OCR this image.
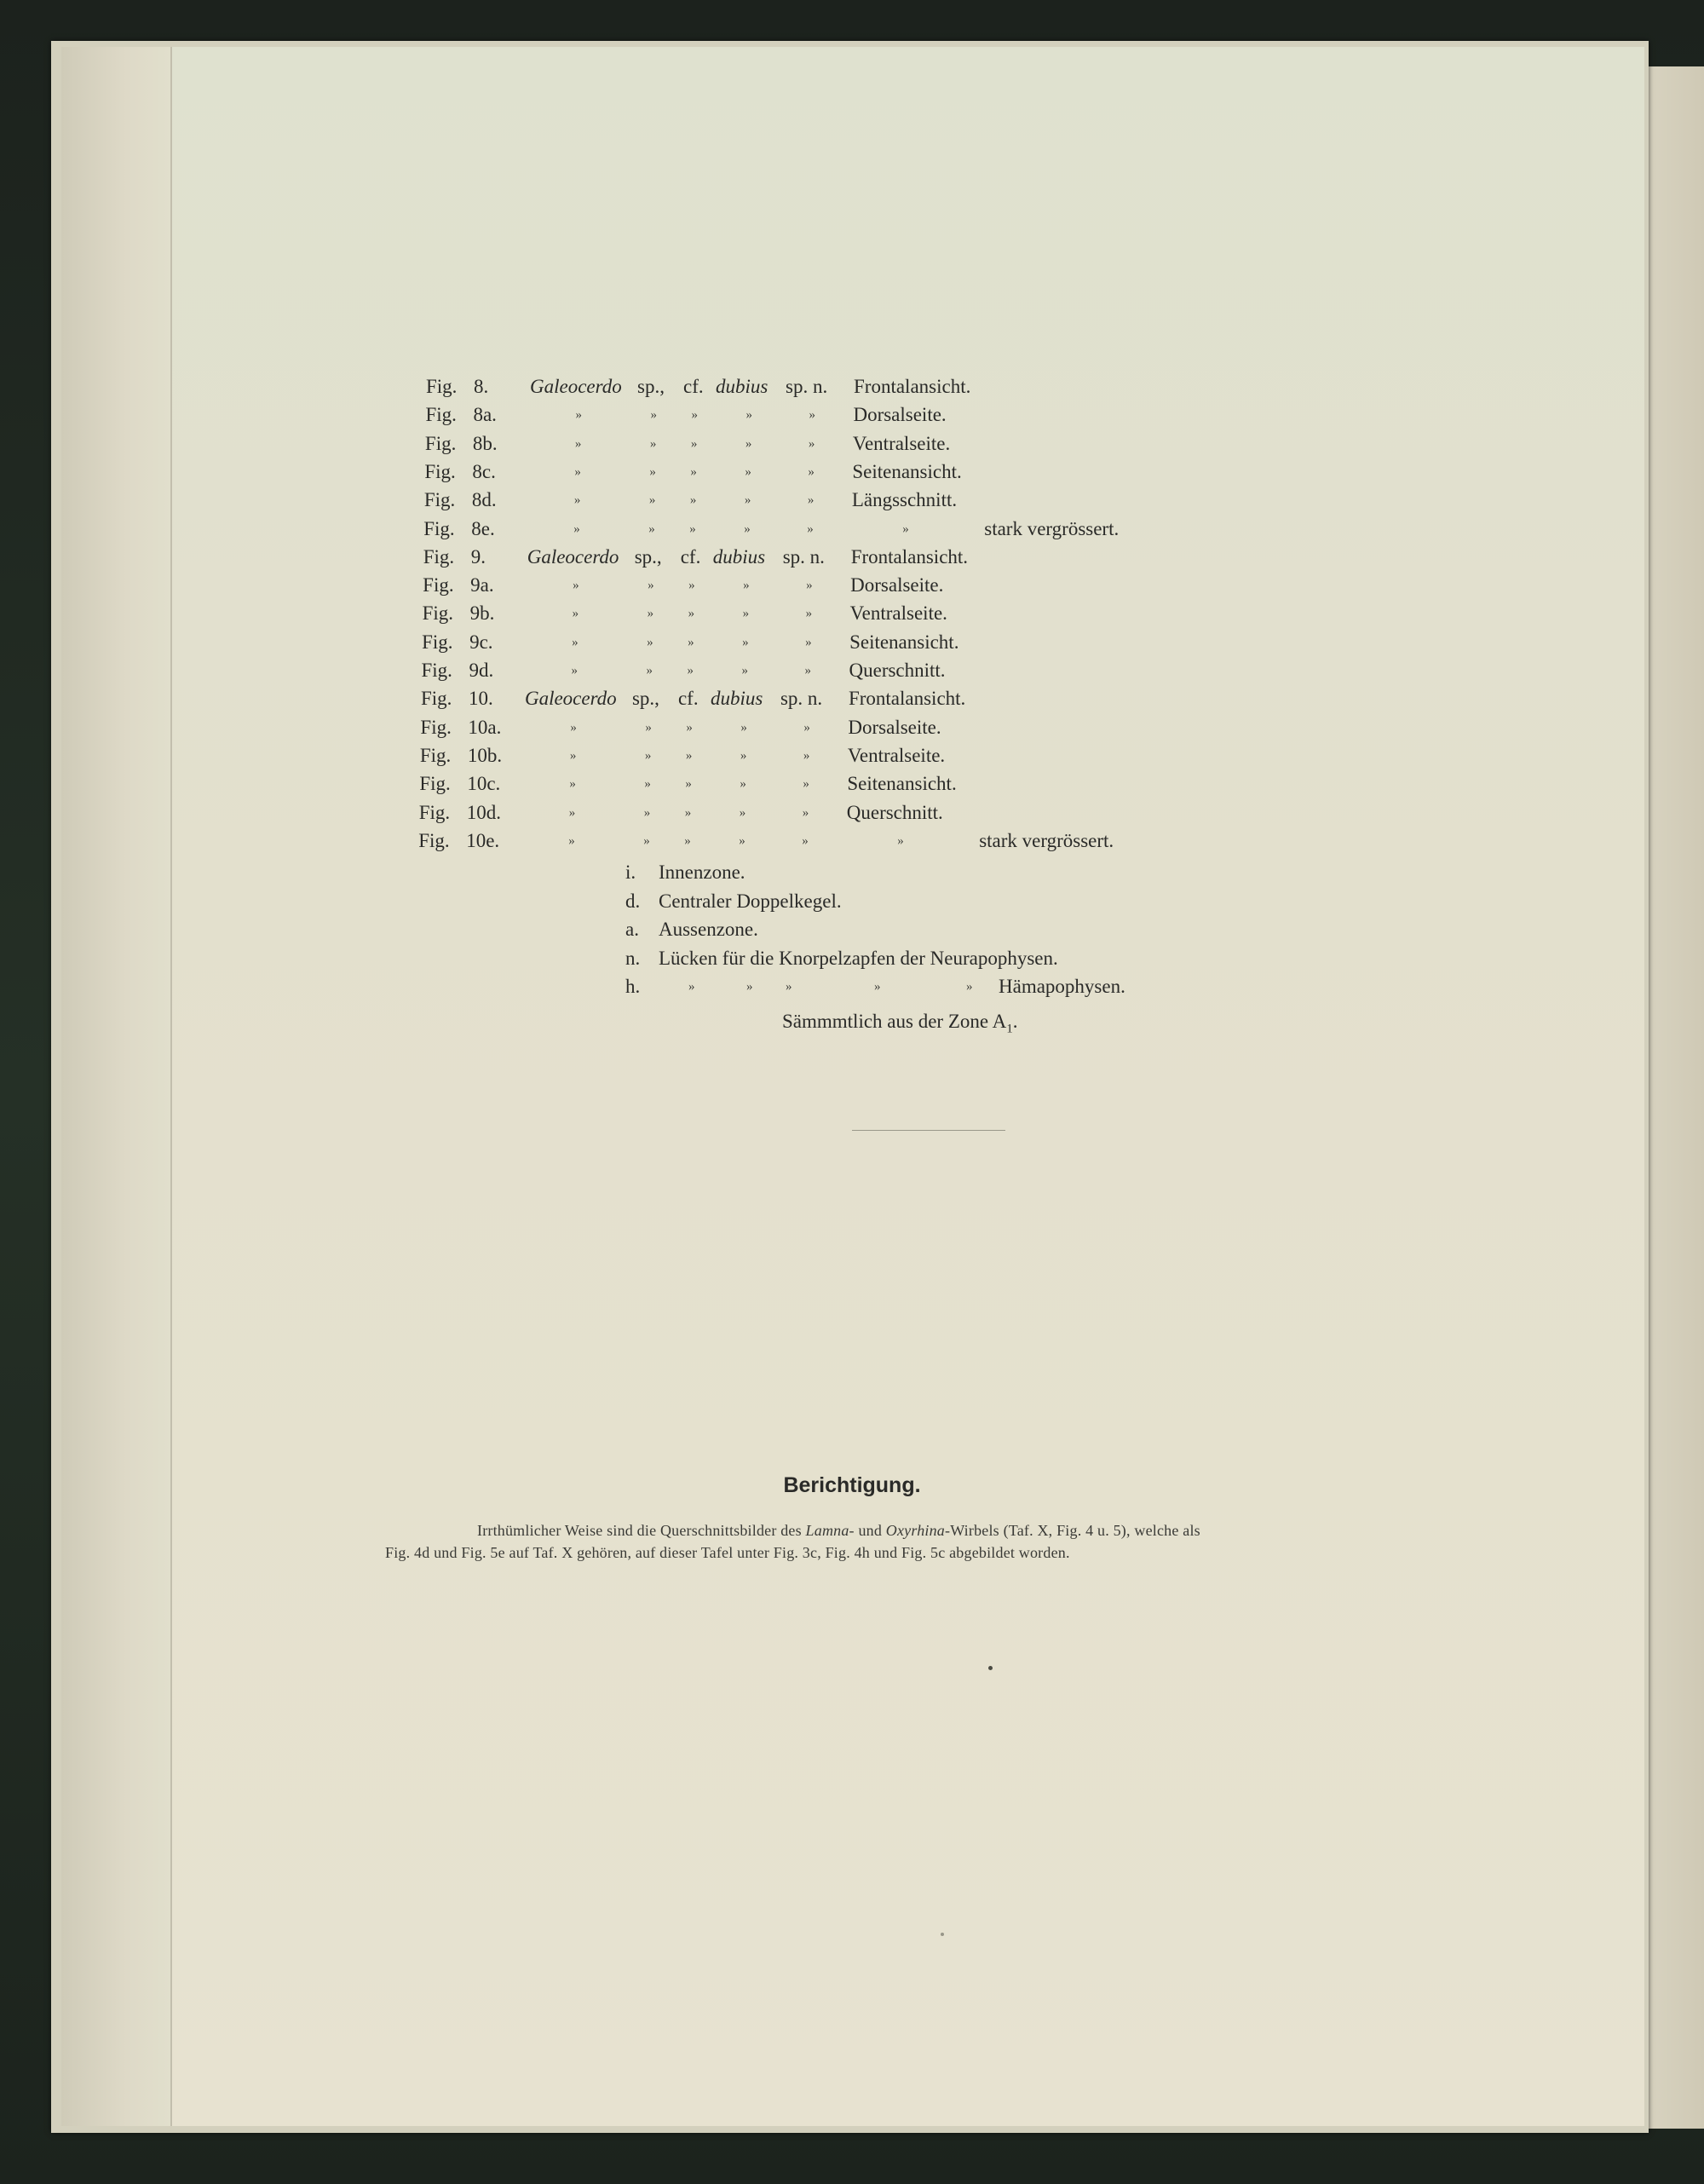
Fig. 8. Galeocerdo sp., cf. dubius sp. n. Frontalansicht.
Fig. 8a.	»	»	»	»	» Dorsalseite.
Fig. 8b.	»	»	»	»	» Ventralseite.
Fig. 8c.	»	»	»	»	» Seitenansicht.
Fig. 8d.	»	»	»	»	» Längsschnitt.
Fig. 8e.	»	»	»	»	»	»	stark vergrössert.
Fig. 9. Galeocerdo sp., cf. dubius sp. n. Frontalansicht.
Fig. 9a.	»	»	»	»	» Dorsalseite.
Fig. 9b.	»	»	»	»	» Ventralseite.
Fig. 9c.	»	»	»	»	» Seitenansicht.
Fig. 9d.	»	»	»	»	» Querschnitt.
Fig. 10. Galeocerdo sp., cf. dubius sp. n. Frontalansicht.
Fig. 10a.	»	»	»	»	» Dorsalseite.
Fig. 10b.	»	»	»	»	» Ventralseite.
Fig. 10c.	»	»	»	»	» Seitenansicht.
Fig. 10d.	»	»	»	»	» Querschnitt.
Fig. 10e.	»	»	»	»	»	»	stark vergrössert.
i. Innenzone.
d. Centraler Doppelkegel.
a. Aussenzone.
n. Lücken für die Knorpelzapfen der Neurapophysen.
h.	»	»	»	»	» Hämapophysen.
Sämmmtlich aus der Zone $A_1$.
Berichtigung.
Irrthümlicher Weise sind die Querschnittsbilder des Lamna- und Oxyrhina-Wirbels (Taf. X, Fig. 4 u. 5), welche als
Fig. 4d und Fig. 5e auf Taf. X gehören, auf dieser Tafel unter Fig. 3c, Fig. 4h und Fig. 5c abgebildet worden.
